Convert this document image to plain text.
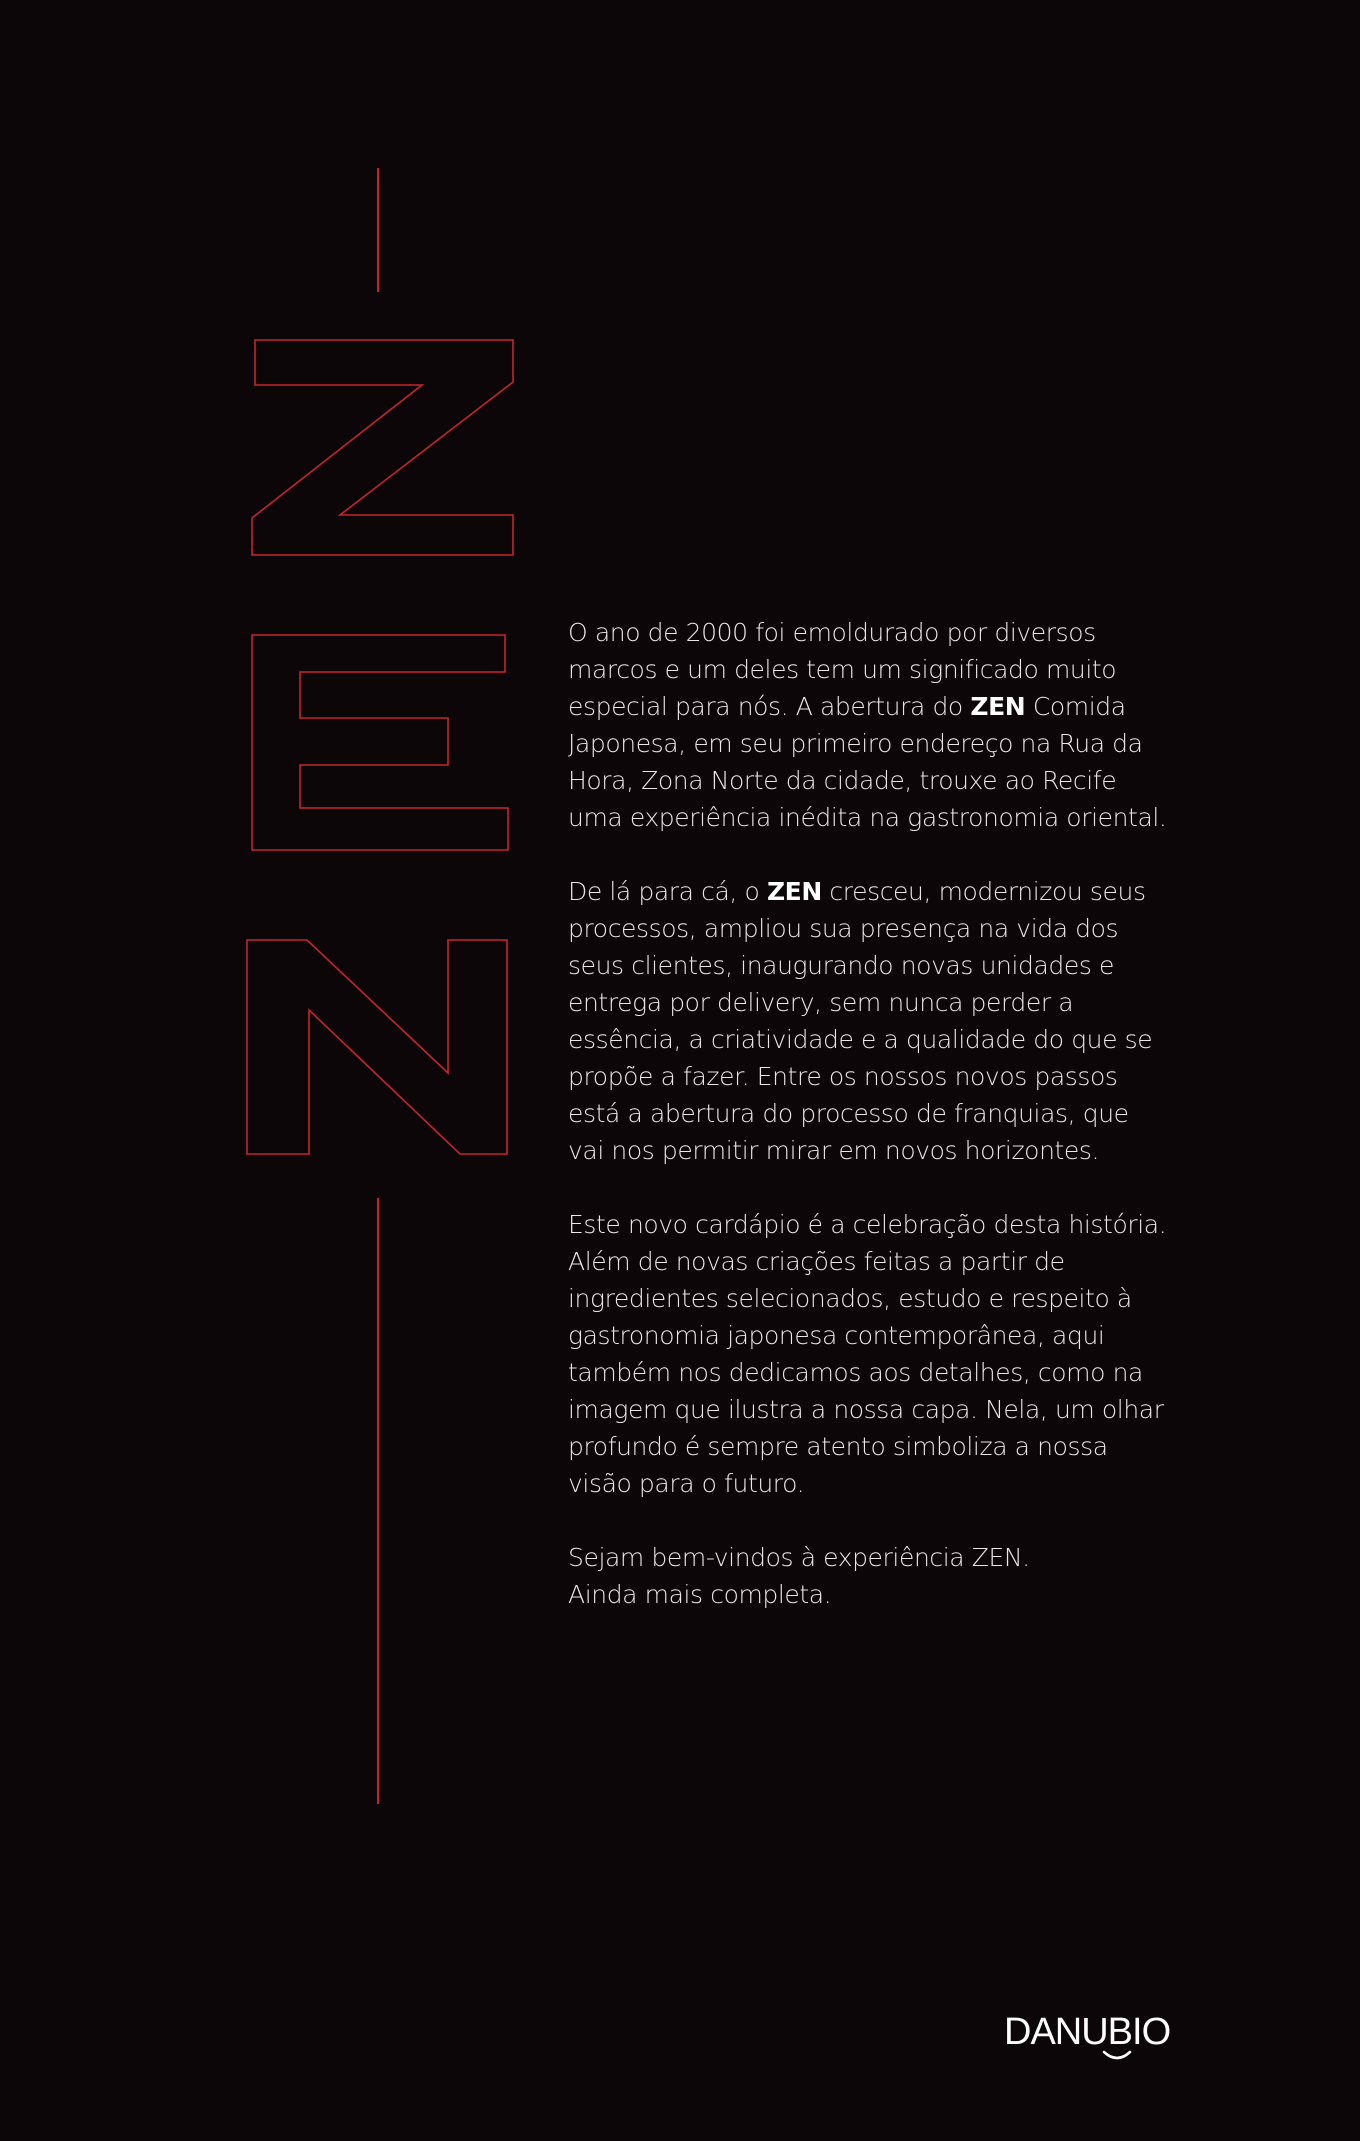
O ano de 2000 foi emoldurado por diversos marcos e um deles tem um significado muito especial para nós. A abertura do ZEN Comida Japonesa, em seu primeiro endereço na Rua da Hora, Zona Norte da cidade, trouxe ao Recife uma experiência inédita na gastronomia oriental.

De lá para cá, o ZEN cresceu, modernizou seus processos, ampliou sua presença na vida dos seus clientes, inaugurando novas unidades e entrega por delivery, sem nunca perder a essência, a criatividade e a qualidade do que se propõe a fazer. Entre os nossos novos passos está a abertura do processo de franquias, que vai nos permitir mirar em novos horizontes.

Este novo cardápio é a celebração desta história. Além de novas criações feitas a partir de ingredientes selecionados, estudo e respeito à gastronomia japonesa contemporânea, aqui também nos dedicamos aos detalhes, como na imagem que ilustra a nossa capa. Nela, um olhar profundo é sempre atento simboliza a nossa visão para o futuro.

Sejam bem-vindos à experiência ZEN.
Ainda mais completa.

DANUBIO
